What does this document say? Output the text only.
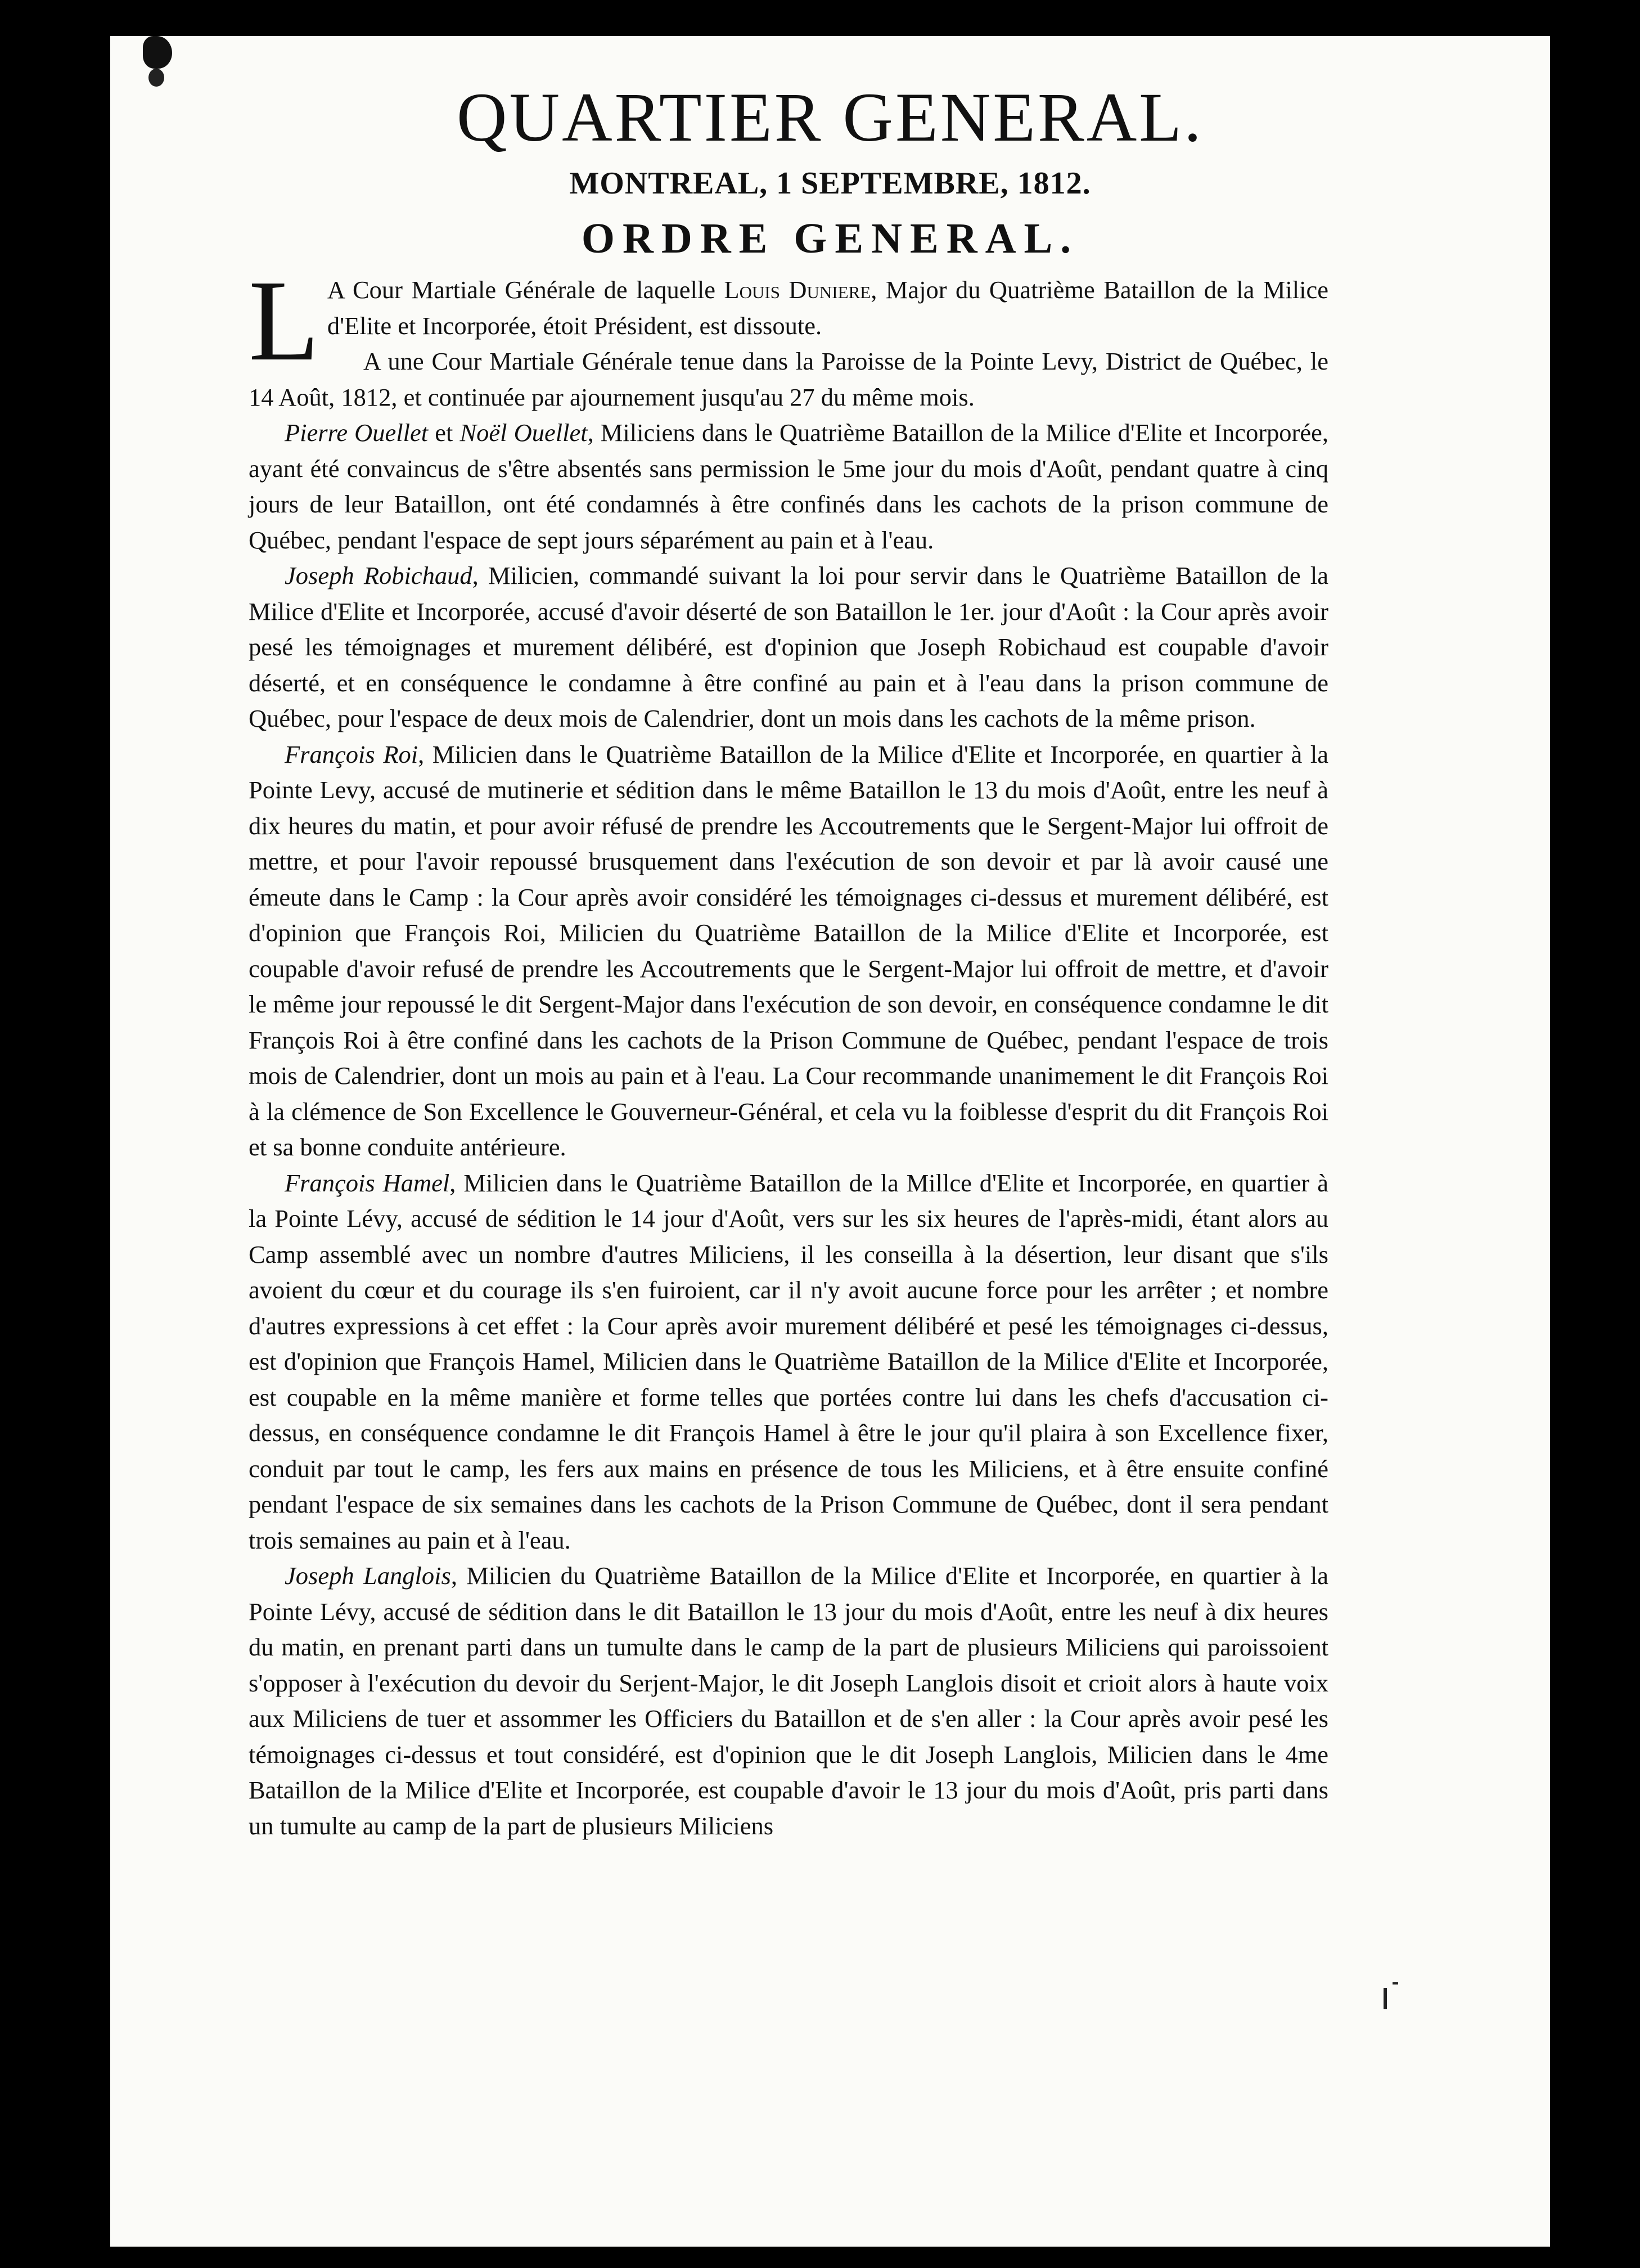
QUARTIER GENERAL.
MONTREAL, 1 SEPTEMBRE, 1812.
ORDRE GENERAL.

L A Cour Martiale Générale de laquelle Louis Duniere, Major du Quatrième Bataillon de la Milice d'Elite et Incorporée, étoit Président, est dissoute.

A une Cour Martiale Générale tenue dans la Paroisse de la Pointe Levy, District de Québec, le 14 Août, 1812, et continuée par ajournement jusqu'au 27 du même mois.

Pierre Ouellet et Noël Ouellet, Miliciens dans le Quatrième Bataillon de la Milice d'Elite et Incorporée, ayant été convaincus de s'être absentés sans permission le 5me jour du mois d'Août, pendant quatre à cinq jours de leur Bataillon, ont été condamnés à être confinés dans les cachots de la prison commune de Québec, pendant l'espace de sept jours séparément au pain et à l'eau.

Joseph Robichaud, Milicien, commandé suivant la loi pour servir dans le Quatrième Bataillon de la Milice d'Elite et Incorporée, accusé d'avoir déserté de son Bataillon le 1er. jour d'Août : la Cour après avoir pesé les témoignages et murement délibéré, est d'opinion que Joseph Robichaud est coupable d'avoir déserté, et en conséquence le condamne à être confiné au pain et à l'eau dans la prison commune de Québec, pour l'espace de deux mois de Calendrier, dont un mois dans les cachots de la même prison.

François Roi, Milicien dans le Quatrième Bataillon de la Milice d'Elite et Incorporée, en quartier à la Pointe Levy, accusé de mutinerie et sédition dans le même Bataillon le 13 du mois d'Août, entre les neuf à dix heures du matin, et pour avoir réfusé de prendre les Accoutrements que le Sergent-Major lui offroit de mettre, et pour l'avoir repoussé brusquement dans l'exécution de son devoir et par là avoir causé une émeute dans le Camp : la Cour après avoir considéré les témoignages ci-dessus et murement délibéré, est d'opinion que François Roi, Milicien du Quatrième Bataillon de la Milice d'Elite et Incorporée, est coupable d'avoir refusé de prendre les Accoutrements que le Sergent-Major lui offroit de mettre, et d'avoir le même jour repoussé le dit Sergent-Major dans l'exécution de son devoir, en conséquence condamne le dit François Roi à être confiné dans les cachots de la Prison Commune de Québec, pendant l'espace de trois mois de Calendrier, dont un mois au pain et à l'eau. La Cour recommande unanimement le dit François Roi à la clémence de Son Excellence le Gouverneur-Général, et cela vu la foiblesse d'esprit du dit François Roi et sa bonne conduite antérieure.

François Hamel, Milicien dans le Quatrième Bataillon de la Millce d'Elite et Incorporée, en quartier à la Pointe Lévy, accusé de sédition le 14 jour d'Août, vers sur les six heures de l'après-midi, étant alors au Camp assemblé avec un nombre d'autres Miliciens, il les conseilla à la désertion, leur disant que s'ils avoient du cœur et du courage ils s'en fuiroient, car il n'y avoit aucune force pour les arrêter ; et nombre d'autres expressions à cet effet : la Cour après avoir murement délibéré et pesé les témoignages ci-dessus, est d'opinion que François Hamel, Milicien dans le Quatrième Bataillon de la Milice d'Elite et Incorporée, est coupable en la même manière et forme telles que portées contre lui dans les chefs d'accusation ci-dessus, en conséquence condamne le dit François Hamel à être le jour qu'il plaira à son Excellence fixer, conduit par tout le camp, les fers aux mains en présence de tous les Miliciens, et à être ensuite confiné pendant l'espace de six semaines dans les cachots de la Prison Commune de Québec, dont il sera pendant trois semaines au pain et à l'eau.

Joseph Langlois, Milicien du Quatrième Bataillon de la Milice d'Elite et Incorporée, en quartier à la Pointe Lévy, accusé de sédition dans le dit Bataillon le 13 jour du mois d'Août, entre les neuf à dix heures du matin, en prenant parti dans un tumulte dans le camp de la part de plusieurs Miliciens qui paroissoient s'opposer à l'exécution du devoir du Serjent-Major, le dit Joseph Langlois disoit et crioit alors à haute voix aux Miliciens de tuer et assommer les Officiers du Bataillon et de s'en aller : la Cour après avoir pesé les témoignages ci-dessus et tout considéré, est d'opinion que le dit Joseph Langlois, Milicien dans le 4me Bataillon de la Milice d'Elite et Incorporée, est coupable d'avoir le 13 jour du mois d'Août, pris parti dans un tumulte au camp de la part de plusieurs Miliciens
